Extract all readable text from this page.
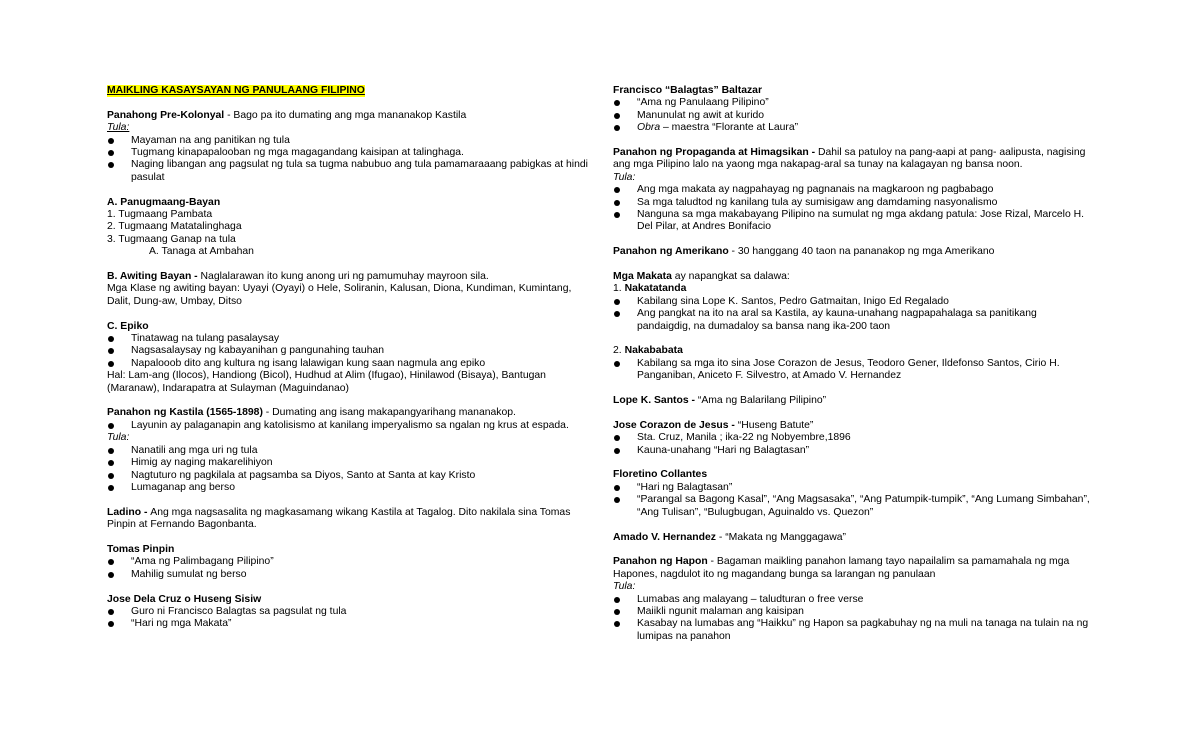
MAIKLING KASAYSAYAN NG PANULAANG FILIPINO
Panahong Pre-Kolonyal - Bago pa ito dumating ang mga mananakop Kastila
Tula:
Mayaman na ang panitikan ng tula
Tugmang kinapapalooban ng mga magagandang kaisipan at talinghaga.
Naging libangan ang pagsulat ng tula sa tugma nabubuo ang tula pamamaraaang pabigkas at hindi pasulat
A. Panugmaang-Bayan
1. Tugmaang Pambata
2. Tugmaang Matatalinghaga
3. Tugmaang Ganap na tula
A. Tanaga at Ambahan
B. Awiting Bayan - Naglalarawan ito kung anong uri ng pamumuhay mayroon sila.
Mga Klase ng awiting bayan: Uyayi (Oyayi) o Hele, Soliranin, Kalusan, Diona, Kundiman, Kumintang, Dalit, Dung-aw, Umbay, Ditso
C. Epiko
Tinatawag na tulang pasalaysay
Nagsasalaysay ng kabayanihan g pangunahing tauhan
Napalooob dito ang kultura ng isang lalawigan kung saan nagmula ang epiko
Hal: Lam-ang (Ilocos), Handiong (Bicol), Hudhud at Alim (Ifugao), Hinilawod (Bisaya), Bantugan (Maranaw), Indarapatra at Sulayman (Maguindanao)
Panahon ng Kastila (1565-1898) - Dumating ang isang makapangyarihang mananakop.
Layunin ay palaganapin ang katolisismo at kanilang imperyalismo sa ngalan ng krus at espada.
Tula:
Nanatili ang mga uri ng tula
Himig ay naging makarelihiyon
Nagtuturo ng pagkilala at pagsamba sa Diyos, Santo at Santa at kay Kristo
Lumaganap ang berso
Ladino - Ang mga nagsasalita ng magkasamang wikang Kastila at Tagalog. Dito nakilala sina Tomas Pinpin at Fernando Bagonbanta.
Tomas Pinpin
“Ama ng Palimbagang Pilipino”
Mahilig sumulat ng berso
Jose Dela Cruz o Huseng Sisiw
Guro ni Francisco Balagtas sa pagsulat ng tula
“Hari ng mga Makata”
Francisco “Balagtas” Baltazar
“Ama ng Panulaang Pilipino”
Manunulat ng awit at kurido
Obra – maestra “Florante at Laura”
Panahon ng Propaganda at Himagsikan - Dahil sa patuloy na pang-aapi at pang- aalipusta, nagising ang mga Pilipino lalo na yaong mga nakapag-aral sa tunay na kalagayan ng bansa noon.
Tula:
Ang mga makata ay nagpahayag ng pagnanais na magkaroon ng pagbabago
Sa mga taludtod ng kanilang tula ay sumisigaw ang damdaming nasyonalismo
Nanguna sa mga makabayang Pilipino na sumulat ng mga akdang patula: Jose Rizal, Marcelo H. Del Pilar, at Andres Bonifacio
Panahon ng Amerikano - 30 hanggang 40 taon na pananakop ng mga Amerikano
Mga Makata ay napangkat sa dalawa:
1. Nakatatanda
Kabilang sina Lope K. Santos, Pedro Gatmaitan, Inigo Ed Regalado
Ang pangkat na ito na aral sa Kastila, ay kauna-unahang nagpapahalaga sa panitikang pandaigdig, na dumadaloy sa bansa nang ika-200 taon
2. Nakababata
Kabilang sa mga ito sina Jose Corazon de Jesus, Teodoro Gener, Ildefonso Santos, Cirio H. Panganiban, Aniceto F. Silvestro, at Amado V. Hernandez
Lope K. Santos - “Ama ng Balarilang Pilipino”
Jose Corazon de Jesus - “Huseng Batute”
Sta. Cruz, Manila ; ika-22 ng Nobyembre,1896
Kauna-unahang “Hari ng Balagtasan”
Floretino Collantes
“Hari ng Balagtasan”
“Parangal sa Bagong Kasal”, “Ang Magsasaka”, “Ang Patumpik-tumpik”, “Ang Lumang Simbahan”, “Ang Tulisan”, “Bulugbugan, Aguinaldo vs. Quezon”
Amado V. Hernandez - “Makata ng Manggagawa”
Panahon ng Hapon - Bagaman maikling panahon lamang tayo napailalim sa pamamahala ng mga Hapones, nagdulot ito ng magandang bunga sa larangan ng panulaan
Tula:
Lumabas ang malayang – taludturan o free verse
Maiikli ngunit malaman ang kaisipan
Kasabay na lumabas ang “Haikku” ng Hapon sa pagkabuhay ng na muli na tanaga na tulain na ng lumipas na panahon
